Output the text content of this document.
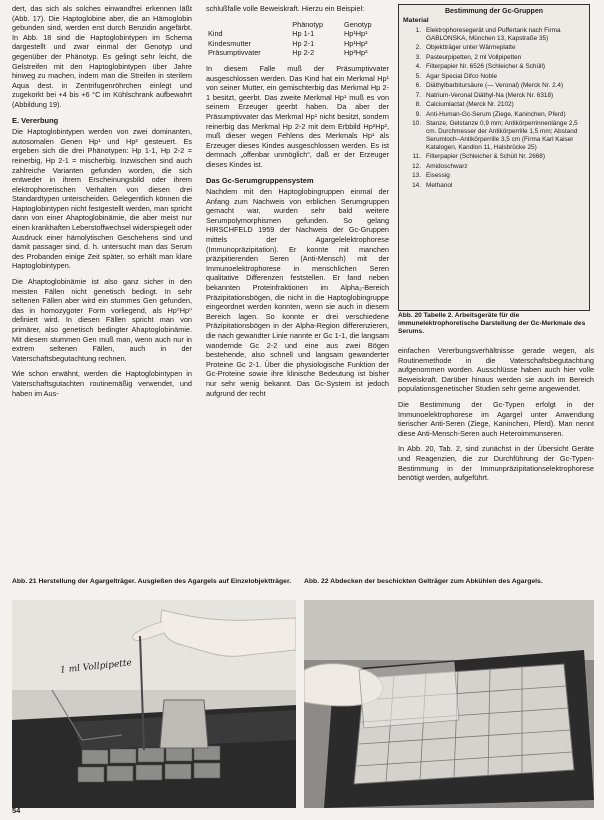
dert, das sich als solches einwandfrei erkennen läßt (Abb. 17). Die Haptoglobine aber, die an Hämoglobin gebunden sind, werden erst durch Benzidin angefärbt. In Abb. 18 sind die Haptoglobintypen im Schema dargestellt und zwar einmal der Genotyp und gegenüber der Phänotyp. Es gelingt sehr leicht, die Gelstreifen mit den Haptoglobintypen über Jahre hinweg zu machen, indem man die Streifen in sterilem Aqua dest. in Zentrifugenröhrchen einlegt und zugekorkt bei +4 bis +6 °C im Kühlschrank aufbewahrt (Abbildung 19).

E. Vererbung

Die Haptoglobintypen werden von zwei dominanten, autosomalen Genen Hp¹ und Hp² gesteuert. Es ergeben sich die drei Phänotypen: Hp 1-1, Hp 2-2 = reinerbig, Hp 2-1 = mischerbig. Inzwischen sind auch zahlreiche Varianten gefunden worden, die sich entweder in ihrem Erscheinungsbild oder ihrem elektrophoretischen Verhalten von diesen drei Standardtypen unterscheiden. Gelegentlich können die Haptoglobintypen nicht festgestellt werden, man spricht dann von einer Ahaptoglobinämie, die aber meist nur einen krankhaften Leberstoffwechsel widerspiegelt oder Ausdruck einer hämolytischen Geschehens sind und damit passager sind, d. h. untersucht man das Serum des Probanden einige Zeit später, so erhält man klare Haptoglobintypen.

Die Ahaptoglobinämie ist also ganz sicher in den meisten Fällen nicht genetisch bedingt. In sehr seltenen Fällen aber wird ein stummes Gen gefunden, das in homozygoter Form vorliegend, als Hp⁰Hp⁰ definiert wird. In diesen Fällen spricht man von primärer, also genetisch bedingter Ahaptoglobinämie. Mit diesem stummen Gen muß man, wenn auch nur in extrem seltenen Fällen, auch in der Vaterschaftsbegutachtung rechnen.

Wie schon erwähnt, werden die Haptoglobintypen in Vaterschaftsgutachten routinemäßig verwendet, und haben im Aus-

schlußfalle volle Beweiskraft. Hierzu ein Beispiel:

	Phänotyp	Genotyp
Kind	Hp 1-1	Hp¹Hp¹
Kindesmutter	Hp 2-1	Hp¹Hp²
Präsumptivvater	Hp 2-2	Hp²Hp²

In diesem Falle muß der Präsumptivvater ausgeschlossen werden. Das Kind hat ein Merkmal Hp¹ von seiner Mutter, ein gemischterbig das Merkmal Hp 2-1 besitzt, geerbt. Das zweite Merkmal Hp¹ muß es von seinem Erzeuger geerbt haben. Da aber der Präsumptivvater das Merkmal Hp¹ nicht besitzt, sondern reinerbig das Merkmal Hp 2-2 mit dem Erbbild Hp²Hp², muß dieser wegen Fehlens des Merkmals Hp¹ als Erzeuger dieses Kindes ausgeschlossen werden. Es ist demnach „offenbar unmöglich“, daß er der Erzeuger dieses Kindes ist.

Das Gc-Serumgruppensystem

Nachdem mit den Haptoglobingruppen einmal der Anfang zum Nachweis von erblichen Serumgruppen gemacht war, wurden sehr bald weitere Serumpolymorphismen gefunden. So gelang HIRSCHFELD 1959 der Nachweis der Gc-Gruppen mittels der Agargelelektrophorese (Immunopräzipitation). Er konnte mit manchen präzipitierenden Seren (Anti-Mensch) mit der Immunoelektrophorese in menschlichen Seren qualitative Differenzen feststellen. Er fand neben bekannten Proteinfraktionen im Alpha₂-Bereich Präzipitationsbögen, die nicht in die Haptoglobingruppe eingeordnet werden konnten, wenn sie auch in diesem Bereich lagen. So konnte er drei verschiedene Präzipitationsbögen in der Alpha-Region differenzieren, die nach gewandter Linie nannte er Gc 1-1, die langsam wandernde Gc 2-2 und eine aus zwei Bögen bestehende, also schnell und langsam gewanderter Proteine Gc 2-1. Über die physiologische Funktion der Gc-Proteine sowie ihre klinische Bedeutung ist bisher nur sehr wenig bekannt. Das Gc-System ist jedoch aufgrund der recht

Bestimmung der Gc-Gruppen
Material
1. Elektrophoresegerät und Puffertank nach Firma GABLONSKA, München 13, Kapstraße 35)
2. Objektträger unter Wärmeplatte
3. Pasteurpipetten, 2 ml Vollpipetten
4. Filterpapier Nr. 6526 (Schleicher & Schüll)
5. Agar Special Difco Noble
6. Diäthylbarbitursäure (— Veronal) (Merck Nr. 2.4)
7. Natrium-Veronal Diäthyl-Na (Merck Nr. 6318)
8. Calciumlactat (Merck Nr. 2102)
9. Anti-Human-Gc-Serum (Ziege, Kaninchen, Pferd)
10. Stanze, Gelstanze 0,9 mm; Antikörperrinnenlänge 2,5 cm. Durchmesser der Antikörperrille 1,5 mm; Abstand Serumloch–Antikörperrille 3,5 cm (Firma Karl Kaiser Katalogen, Kandlon 11, Halsbrücke 25)
11. Filterpapier (Schleicher & Schüll Nr. 2668)
12. Amidoschwarz
13. Eisessig
14. Methanol
Abb. 20 Tabelle 2. Arbeitsgeräte für die immunelektrophoretische Darstellung der Gc-Merkmale des Serums.

einfachen Vererbungsverhältnisse gerade wegen, als Routinemethode in die Vaterschaftsbegutachtung aufgenommen worden. Ausschlüsse haben auch hier volle Beweiskraft. Darüber hinaus werden sie auch im Bereich populationsgenetischer Studien sehr gerne angewendet.

Die Bestimmung der Gc-Typen erfolgt in der Immunoelektrophorese im Agargel unter Anwendung tierischer Anti-Seren (Ziege, Kaninchen, Pferd). Man nennt diese Anti-Mensch-Seren auch Heteroimmunseren.

In Abb. 20, Tab. 2, sind zunächst in der Übersicht Geräte und Reagenzien, die zur Durchführung der Gc-Typen-Bestimmung in der Immunpräzipitationselektrophorese benötigt werden, aufgeführt.

Abb. 21 Herstellung der Agargelträger. Ausgießen des Agargels auf Einzelobjektträger.	Abb. 22 Abdecken der beschickten Gelträger zum Abkühlen des Agargels.
1 ml Vollpipette
54
